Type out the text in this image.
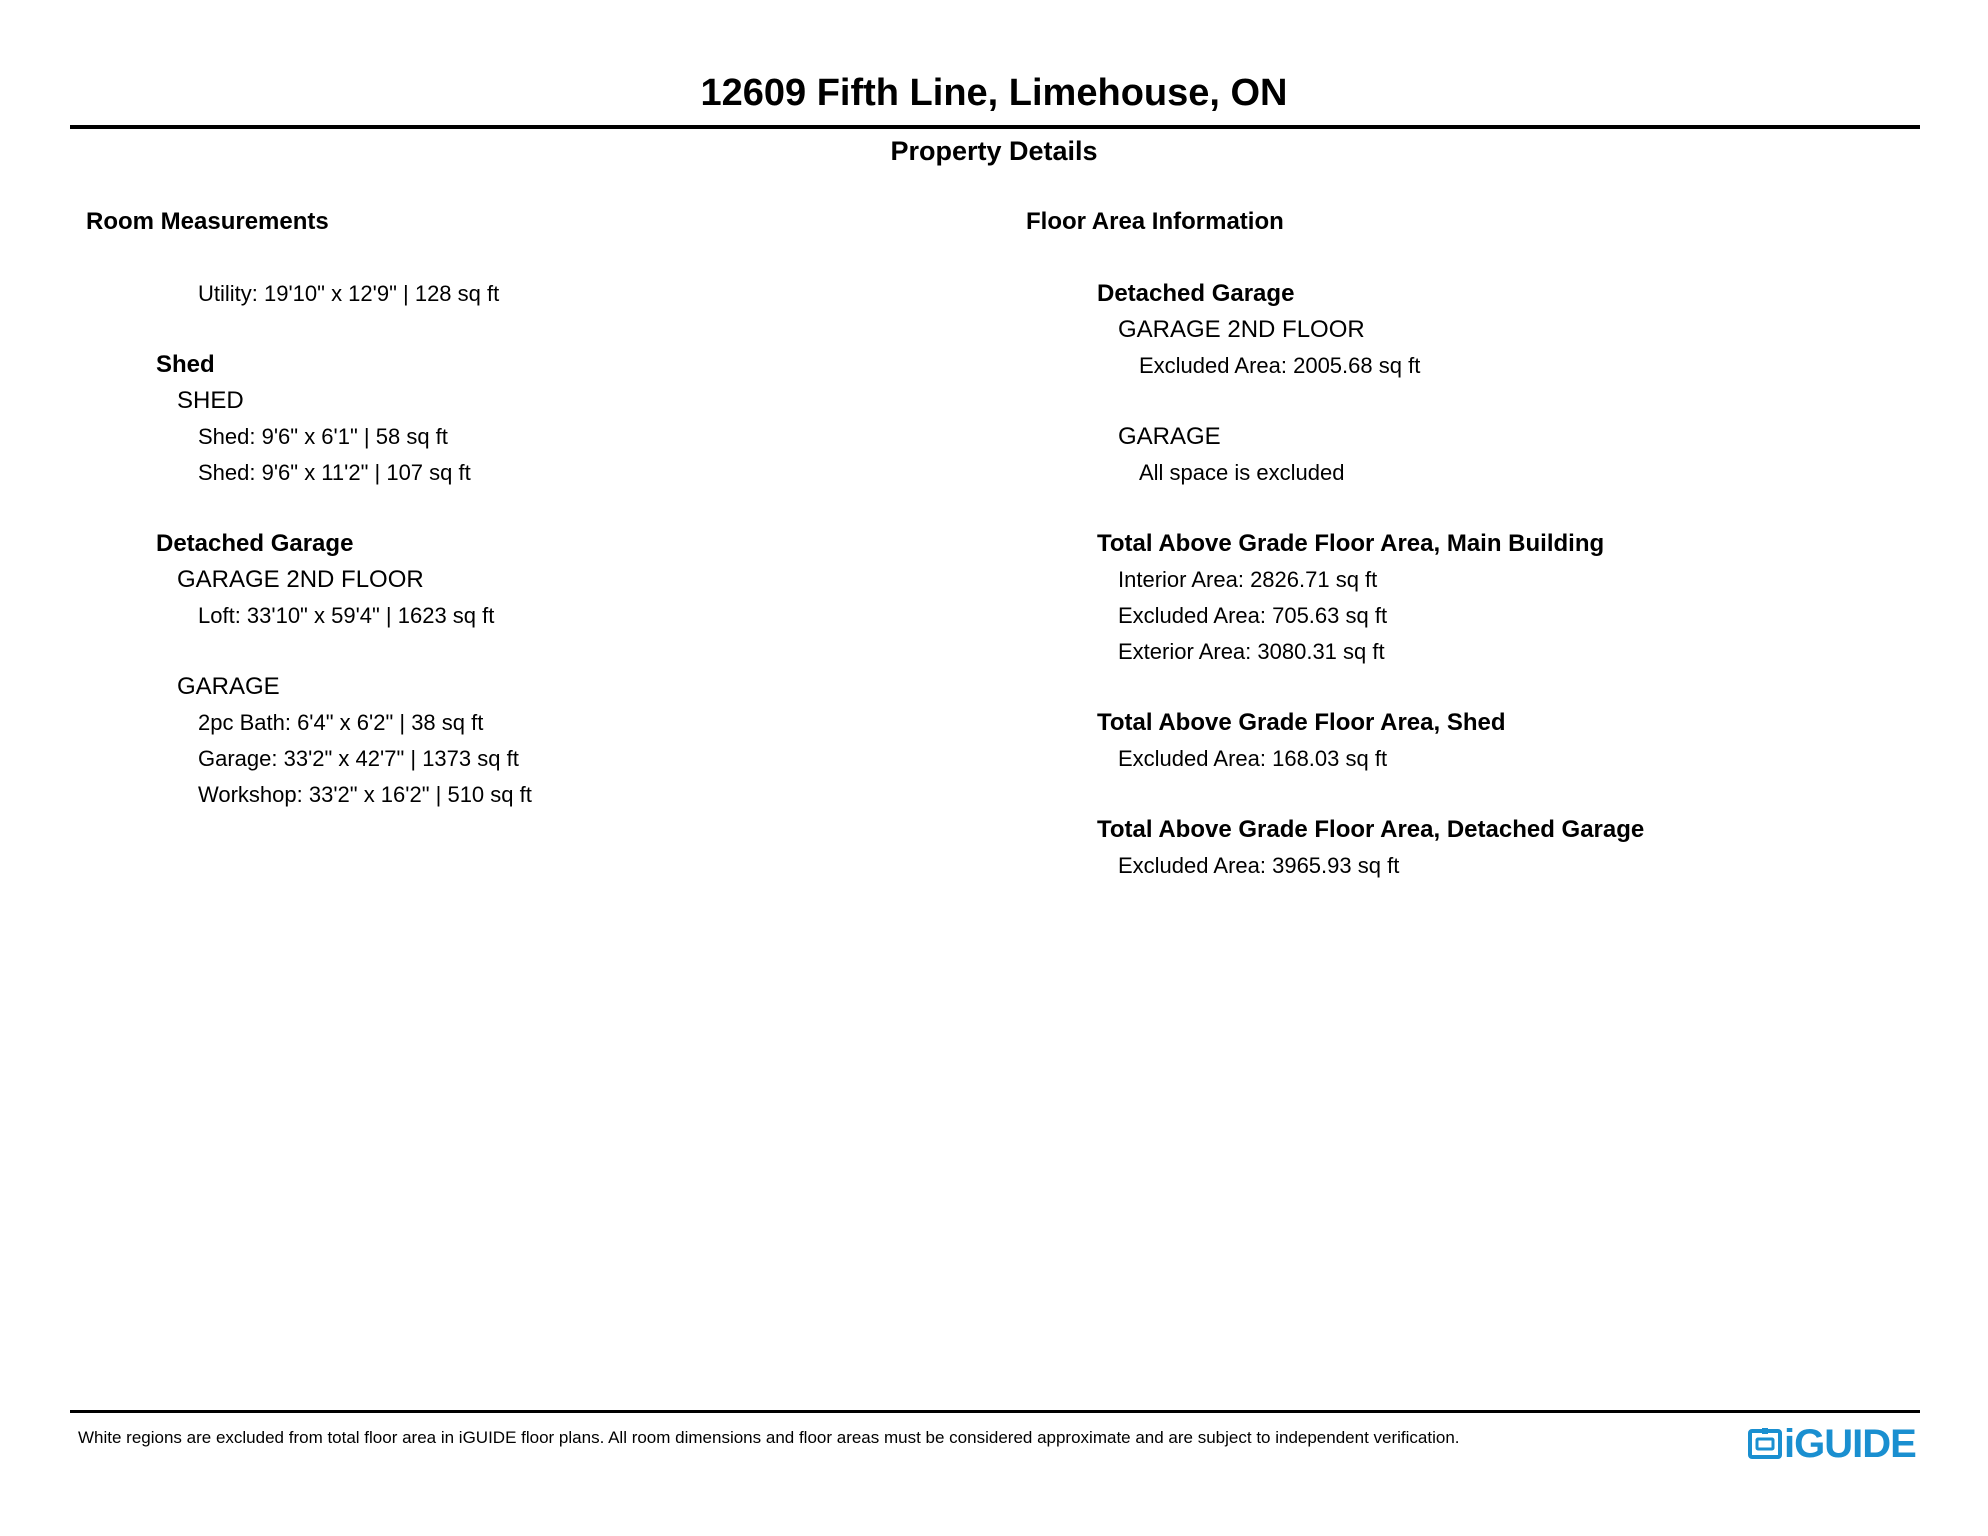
12609 Fifth Line, Limehouse, ON
Property Details
Room Measurements
Utility: 19'10" x 12'9" | 128 sq ft
Shed
SHED
Shed: 9'6" x 6'1" | 58 sq ft
Shed: 9'6" x 11'2" | 107 sq ft
Detached Garage
GARAGE 2ND FLOOR
Loft: 33'10" x 59'4" | 1623 sq ft
GARAGE
2pc Bath: 6'4" x 6'2" | 38 sq ft
Garage: 33'2" x 42'7" | 1373 sq ft
Workshop: 33'2" x 16'2" | 510 sq ft
Floor Area Information
Detached Garage
GARAGE 2ND FLOOR
Excluded Area: 2005.68 sq ft
GARAGE
All space is excluded
Total Above Grade Floor Area, Main Building
Interior Area: 2826.71 sq ft
Excluded Area: 705.63 sq ft
Exterior Area: 3080.31 sq ft
Total Above Grade Floor Area, Shed
Excluded Area: 168.03 sq ft
Total Above Grade Floor Area, Detached Garage
Excluded Area: 3965.93 sq ft
White regions are excluded from total floor area in iGUIDE floor plans. All room dimensions and floor areas must be considered approximate and are subject to independent verification.	iGUIDE
